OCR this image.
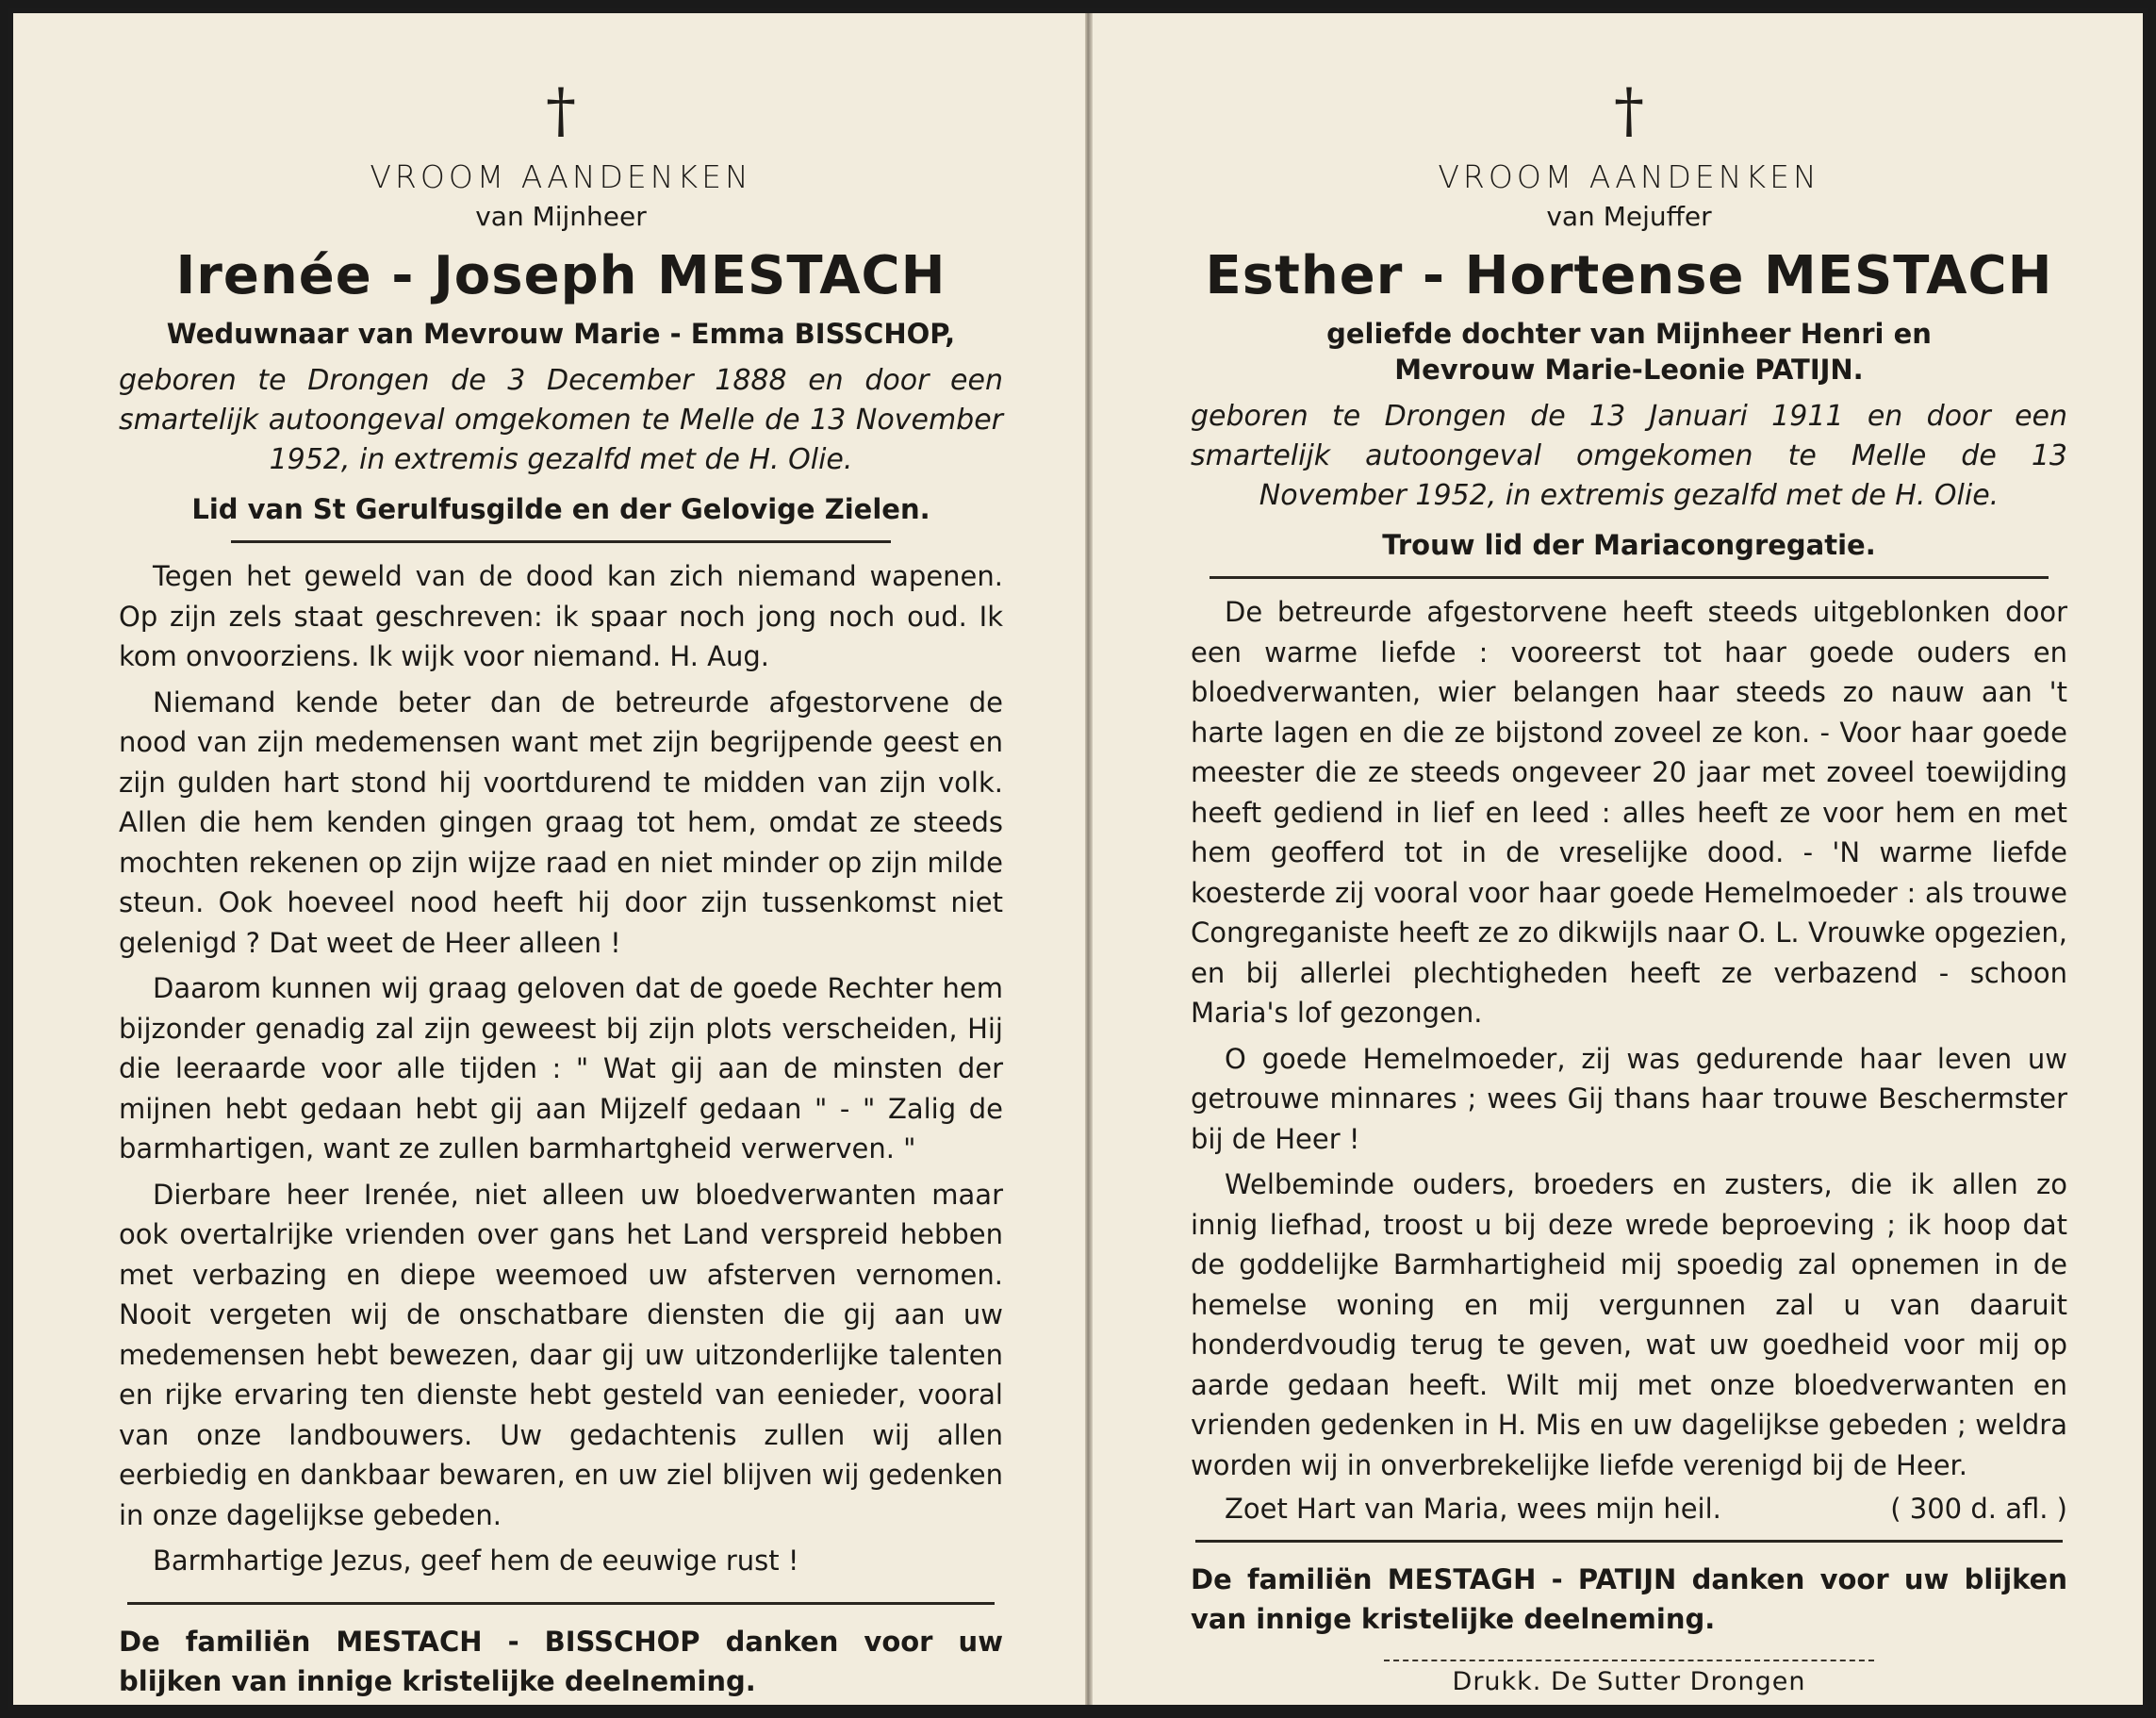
†
VROOM AANDENKEN
van Mijnheer
Irenée - Joseph MESTACH
Weduwnaar van Mevrouw Marie - Emma BISSCHOP,
geboren te Drongen de 3 December 1888 en door een smartelijk autoongeval omgekomen te Melle de 13 November 1952, in extremis gezalfd met de H. Olie.
Lid van St Gerulfusgilde en der Gelovige Zielen.

Tegen het geweld van de dood kan zich niemand wapenen. Op zijn zels staat geschreven: ik spaar noch jong noch oud. Ik kom onvoorziens. Ik wijk voor niemand. H. Aug.

Niemand kende beter dan de betreurde afgestorvene de nood van zijn medemensen want met zijn begrijpende geest en zijn gulden hart stond hij voortdurend te midden van zijn volk. Allen die hem kenden gingen graag tot hem, omdat ze steeds mochten rekenen op zijn wijze raad en niet minder op zijn milde steun. Ook hoeveel nood heeft hij door zijn tussenkomst niet gelenigd ? Dat weet de Heer alleen !

Daarom kunnen wij graag geloven dat de goede Rechter hem bijzonder genadig zal zijn geweest bij zijn plots verscheiden, Hij die leeraarde voor alle tijden : " Wat gij aan de minsten der mijnen hebt gedaan hebt gij aan Mijzelf gedaan " - " Zalig de barmhartigen, want ze zullen barmhartgheid verwerven. "

Dierbare heer Irenée, niet alleen uw bloedverwanten maar ook overtalrijke vrienden over gans het Land verspreid hebben met verbazing en diepe weemoed uw afsterven vernomen. Nooit vergeten wij de onschatbare diensten die gij aan uw medemensen hebt bewezen, daar gij uw uitzonderlijke talenten en rijke ervaring ten dienste hebt gesteld van eenieder, vooral van onze landbouwers. Uw gedachtenis zullen wij allen eerbiedig en dankbaar bewaren, en uw ziel blijven wij gedenken in onze dagelijkse gebeden.

Barmhartige Jezus, geef hem de eeuwige rust !

De familiën MESTACH - BISSCHOP danken voor uw blijken van innige kristelijke deelneming.
†
VROOM AANDENKEN
van Mejuffer
Esther - Hortense MESTACH
geliefde dochter van Mijnheer Henri en
Mevrouw Marie-Leonie PATIJN.
geboren te Drongen de 13 Januari 1911 en door een smartelijk autoongeval omgekomen te Melle de 13 November 1952, in extremis gezalfd met de H. Olie.
Trouw lid der Mariacongregatie.

De betreurde afgestorvene heeft steeds uitgeblonken door een warme liefde : vooreerst tot haar goede ouders en bloedverwanten, wier belangen haar steeds zo nauw aan 't harte lagen en die ze bijstond zoveel ze kon. - Voor haar goede meester die ze steeds ongeveer 20 jaar met zoveel toewijding heeft gediend in lief en leed : alles heeft ze voor hem en met hem geofferd tot in de vreselijke dood. - 'N warme liefde koesterde zij vooral voor haar goede Hemelmoeder : als trouwe Congreganiste heeft ze zo dikwijls naar O. L. Vrouwke opgezien, en bij allerlei plechtigheden heeft ze verbazend - schoon Maria's lof gezongen.

O goede Hemelmoeder, zij was gedurende haar leven uw getrouwe minnares ; wees Gij thans haar trouwe Beschermster bij de Heer !

Welbeminde ouders, broeders en zusters, die ik allen zo innig liefhad, troost u bij deze wrede beproeving ; ik hoop dat de goddelijke Barmhartigheid mij spoedig zal opnemen in de hemelse woning en mij vergunnen zal u van daaruit honderdvoudig terug te geven, wat uw goedheid voor mij op aarde gedaan heeft. Wilt mij met onze bloedverwanten en vrienden gedenken in H. Mis en uw dagelijkse gebeden ; weldra worden wij in onverbrekelijke liefde verenigd bij de Heer.

Zoet Hart van Maria, wees mijn heil.	( 300 d. afl. )
De familiën MESTAGH - PATIJN danken voor uw blijken van innige kristelijke deelneming.
Drukk. De Sutter Drongen
